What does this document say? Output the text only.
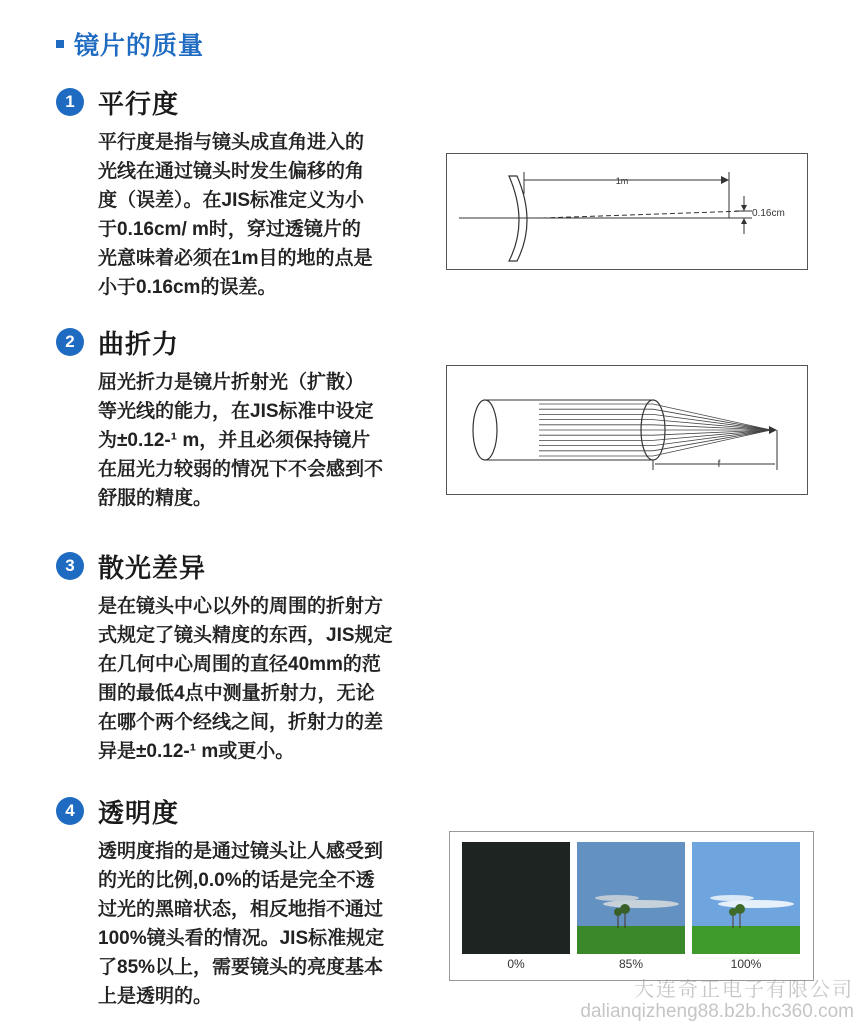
镜片的质量
1 平行度
平行度是指与镜头成直角进入的
光线在通过镜头时发生偏移的角
度（误差）。在JIS标准定义为小
于0.16cm/ m时，穿过透镜片的
光意味着必须在1m目的地的点是
小于0.16cm的误差。
1m
0.16cm
2 曲折力
屈光折力是镜片折射光（扩散）
等光线的能力，在JIS标准中设定
为±0.12-¹ m，并且必须保持镜片
在屈光力较弱的情况下不会感到不
舒服的精度。
f
3 散光差异
是在镜头中心以外的周围的折射方
式规定了镜头精度的东西，JIS规定
在几何中心周围的直径40mm的范
围的最低4点中测量折射力，无论
在哪个两个经线之间，折射力的差
异是±0.12-¹ m或更小。
4 透明度
透明度指的是通过镜头让人感受到
的光的比例,0.0%的话是完全不透
过光的黑暗状态，相反地指不通过
100%镜头看的情况。JIS标准规定
了85%以上，需要镜头的亮度基本
上是透明的。
0%	85%	100%
大连奇正电子有限公司
dalianqizheng88.b2b.hc360.com
